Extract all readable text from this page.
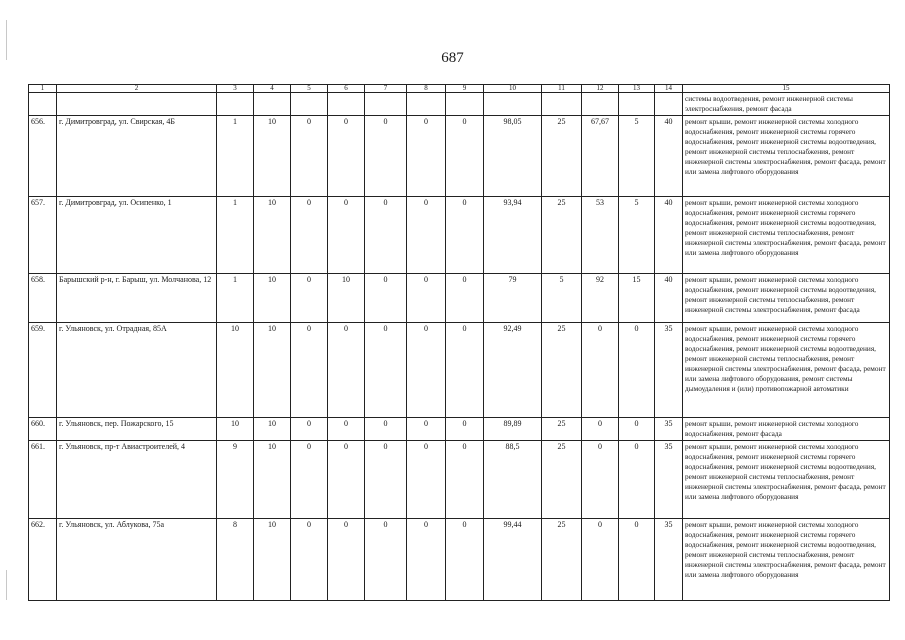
687
1	2	3	4	5	6	7	8	9	10	11	12	13	14	15
														системы водоотведения, ремонт инженерной системы электроснабжения, ремонт фасада
656.	г. Димитровград, ул. Свирская, 4Б	1	10	0	0	0	0	0	98,05	25	67,67	5	40	ремонт крыши, ремонт инженерной системы холодного водоснабжения, ремонт инженерной системы горячего водоснабжения, ремонт инженерной системы водоотведения, ремонт инженерной системы теплоснабжения, ремонт инженерной системы электроснабжения, ремонт фасада, ремонт или замена лифтового оборудования
657.	г. Димитровград, ул. Осипенко, 1	1	10	0	0	0	0	0	93,94	25	53	5	40	ремонт крыши, ремонт инженерной системы холодного водоснабжения, ремонт инженерной системы горячего водоснабжения, ремонт инженерной системы водоотведения, ремонт инженерной системы теплоснабжения, ремонт инженерной системы электроснабжения, ремонт фасада, ремонт или замена лифтового оборудования
658.	Барышский р-н, г. Барыш, ул. Молчанова, 12	1	10	0	10	0	0	0	79	5	92	15	40	ремонт крыши, ремонт инженерной системы холодного водоснабжения, ремонт инженерной системы водоотведения, ремонт инженерной системы теплоснабжения, ремонт инженерной системы электроснабжения, ремонт фасада
659.	г. Ульяновск, ул. Отрадная, 85А	10	10	0	0	0	0	0	92,49	25	0	0	35	ремонт крыши, ремонт инженерной системы холодного водоснабжения, ремонт инженерной системы горячего водоснабжения, ремонт инженерной системы водоотведения, ремонт инженерной системы теплоснабжения, ремонт инженерной системы электроснабжения, ремонт фасада, ремонт или замена лифтового оборудования, ремонт системы дымоудаления и (или) противопожарной автоматики
660.	г. Ульяновск, пер. Пожарского, 15	10	10	0	0	0	0	0	89,89	25	0	0	35	ремонт крыши, ремонт инженерной системы холодного водоснабжения, ремонт фасада
661.	г. Ульяновск, пр-т Авиастроителей, 4	9	10	0	0	0	0	0	88,5	25	0	0	35	ремонт крыши, ремонт инженерной системы холодного водоснабжения, ремонт инженерной системы горячего водоснабжения, ремонт инженерной системы водоотведения, ремонт инженерной системы теплоснабжения, ремонт инженерной системы электроснабжения, ремонт фасада, ремонт или замена лифтового оборудования
662.	г. Ульяновск, ул. Аблукова, 75а	8	10	0	0	0	0	0	99,44	25	0	0	35	ремонт крыши, ремонт инженерной системы холодного водоснабжения, ремонт инженерной системы горячего водоснабжения, ремонт инженерной системы водоотведения, ремонт инженерной системы теплоснабжения, ремонт инженерной системы электроснабжения, ремонт фасада, ремонт или замена лифтового оборудования
